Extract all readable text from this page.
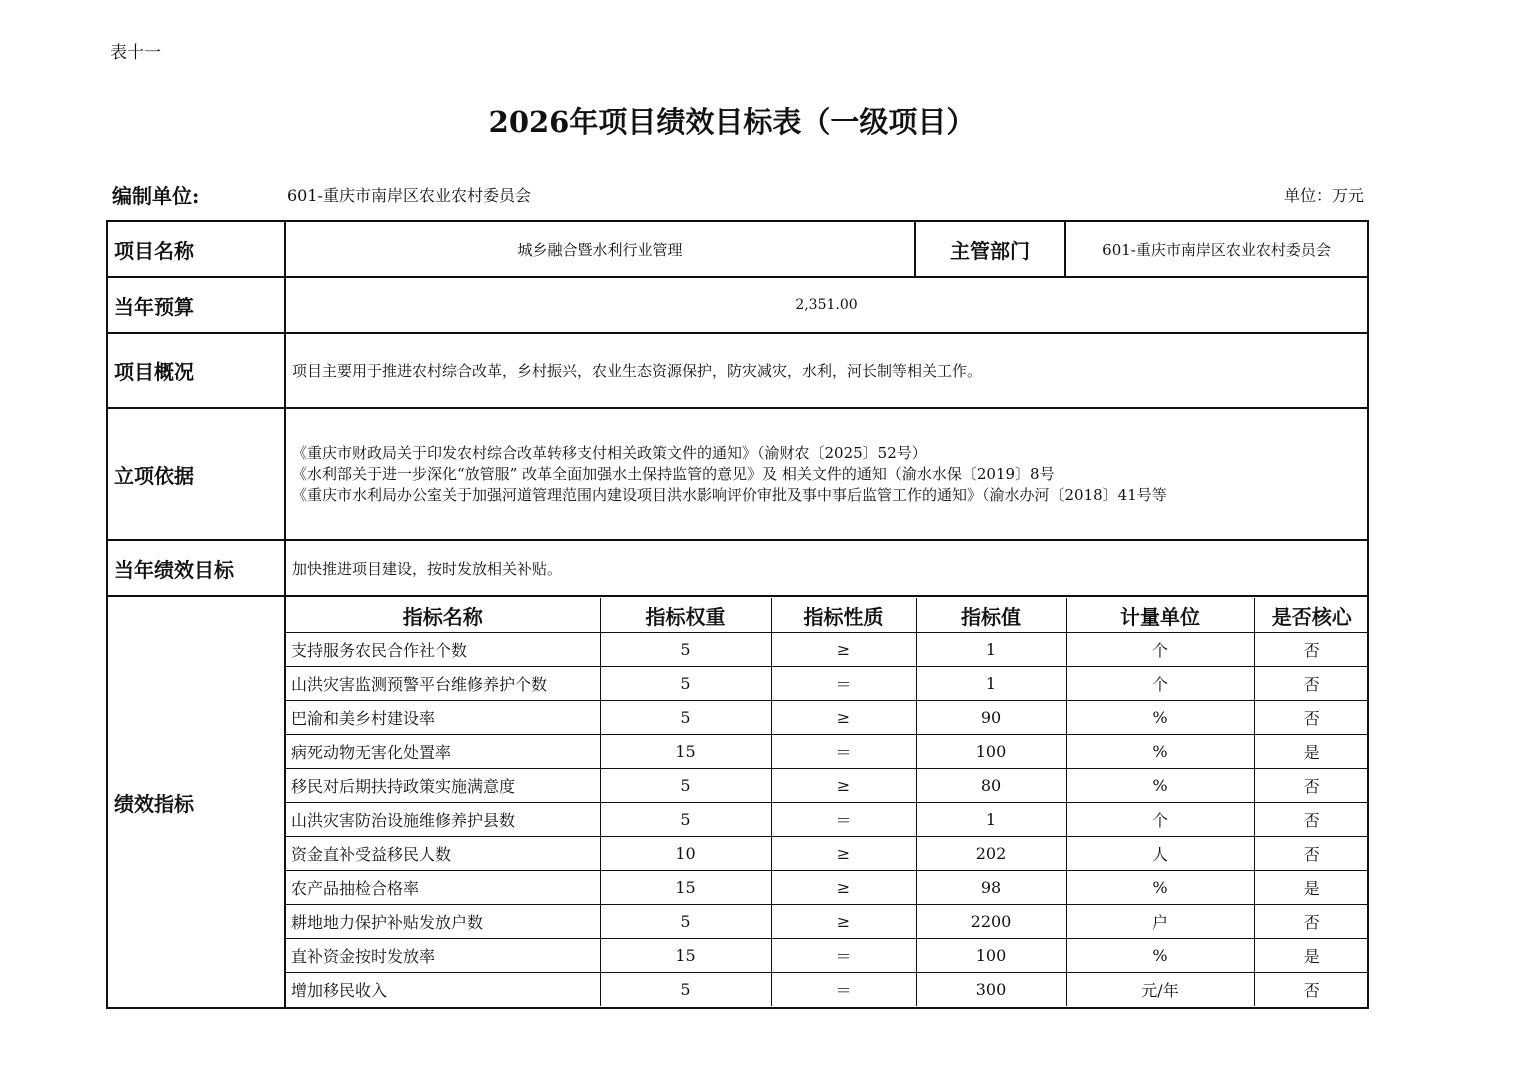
表十一
2026年项目绩效目标表（一级项目）
编制单位:	601-重庆市南岸区农业农村委员会	单位：万元
项目名称	城乡融合暨水利行业管理	主管部门	601-重庆市南岸区农业农村委员会
当年预算	2,351.00
项目概况	项目主要用于推进农村综合改革，乡村振兴，农业生态资源保护，防灾减灾，水利，河长制等相关工作。
立项依据	
《重庆市财政局关于印发农村综合改革转移支付相关政策文件的通知》（渝财农〔2025〕52号）
《水利部关于进一步深化“放管服” 改革全面加强水土保持监管的意见》及 相关文件的通知（渝水水保〔2019〕8号
《重庆市水利局办公室关于加强河道管理范围内建设项目洪水影响评价审批及事中事后监管工作的通知》（渝水办河〔2018〕41号等

当年绩效目标	加快推进项目建设，按时发放相关补贴。
绩效指标	
指标名称	指标权重	指标性质	指标值	计量单位	是否核心
支持服务农民合作社个数	5	≥	1	个	否
山洪灾害监测预警平台维修养护个数	5	＝	1	个	否
巴渝和美乡村建设率	5	≥	90	%	否
病死动物无害化处置率	15	＝	100	%	是
移民对后期扶持政策实施满意度	5	≥	80	%	否
山洪灾害防治设施维修养护县数	5	＝	1	个	否
资金直补受益移民人数	10	≥	202	人	否
农产品抽检合格率	15	≥	98	%	是
耕地地力保护补贴发放户数	5	≥	2200	户	否
直补资金按时发放率	15	＝	100	%	是
增加移民收入	5	＝	300	元/年	否
